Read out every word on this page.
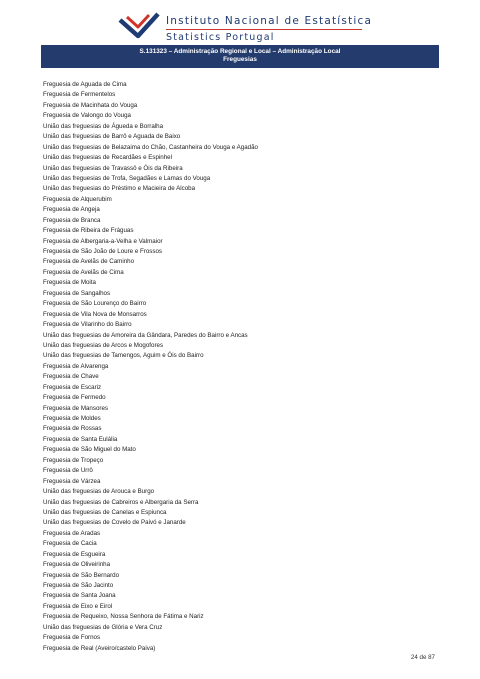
Instituto Nacional de Estatística
Statistics Portugal
S.131323 – Administração Regional e Local – Administração Local
Freguesias
Freguesia de Aguada de Cima
Freguesia de Fermentelos
Freguesia de Macinhata do Vouga
Freguesia de Valongo do Vouga
União das freguesias de Águeda e Borralha
União das freguesias de Barrô e Aguada de Baixo
União das freguesias de Belazaima do Chão, Castanheira do Vouga e Agadão
União das freguesias de Recardães e Espinhel
União das freguesias de Travassô e Óis da Ribeira
União das freguesias de Trofa, Segadães e Lamas do Vouga
União das freguesias do Préstimo e Macieira de Alcoba
Freguesia de Alquerubim
Freguesia de Angeja
Freguesia de Branca
Freguesia de Ribeira de Fráguas
Freguesia de Albergaria-a-Velha e Valmaior
Freguesia de São João de Loure e Frossos
Freguesia de Avelãs de Caminho
Freguesia de Avelãs de Cima
Freguesia de Moita
Freguesia de Sangalhos
Freguesia de São Lourenço do Bairro
Freguesia de Vila Nova de Monsarros
Freguesia de Vilarinho do Bairro
União das freguesias de Amoreira da Gândara, Paredes do Bairro e Ancas
União das freguesias de Arcos e Mogofores
União das freguesias de Tamengos, Aguim e Óis do Bairro
Freguesia de Alvarenga
Freguesia de Chave
Freguesia de Escariz
Freguesia de Fermedo
Freguesia de Mansores
Freguesia de Moldes
Freguesia de Rossas
Freguesia de Santa Eulália
Freguesia de São Miguel do Mato
Freguesia de Tropeço
Freguesia de Urrô
Freguesia de Várzea
União das freguesias de Arouca e Burgo
União das freguesias de Cabreiros e Albergaria da Serra
União das freguesias de Canelas e Espiunca
União das freguesias de Covelo de Paivó e Janarde
Freguesia de Aradas
Freguesia de Cacia
Freguesia de Esgueira
Freguesia de Oliveirinha
Freguesia de São Bernardo
Freguesia de São Jacinto
Freguesia de Santa Joana
Freguesia de Eixo e Eirol
Freguesia de Requeixo, Nossa Senhora de Fátima e Nariz
União das freguesias de Glória e Vera Cruz
Freguesia de Fornos
Freguesia de Real (Aveiro/castelo Paiva)
24 de 87
